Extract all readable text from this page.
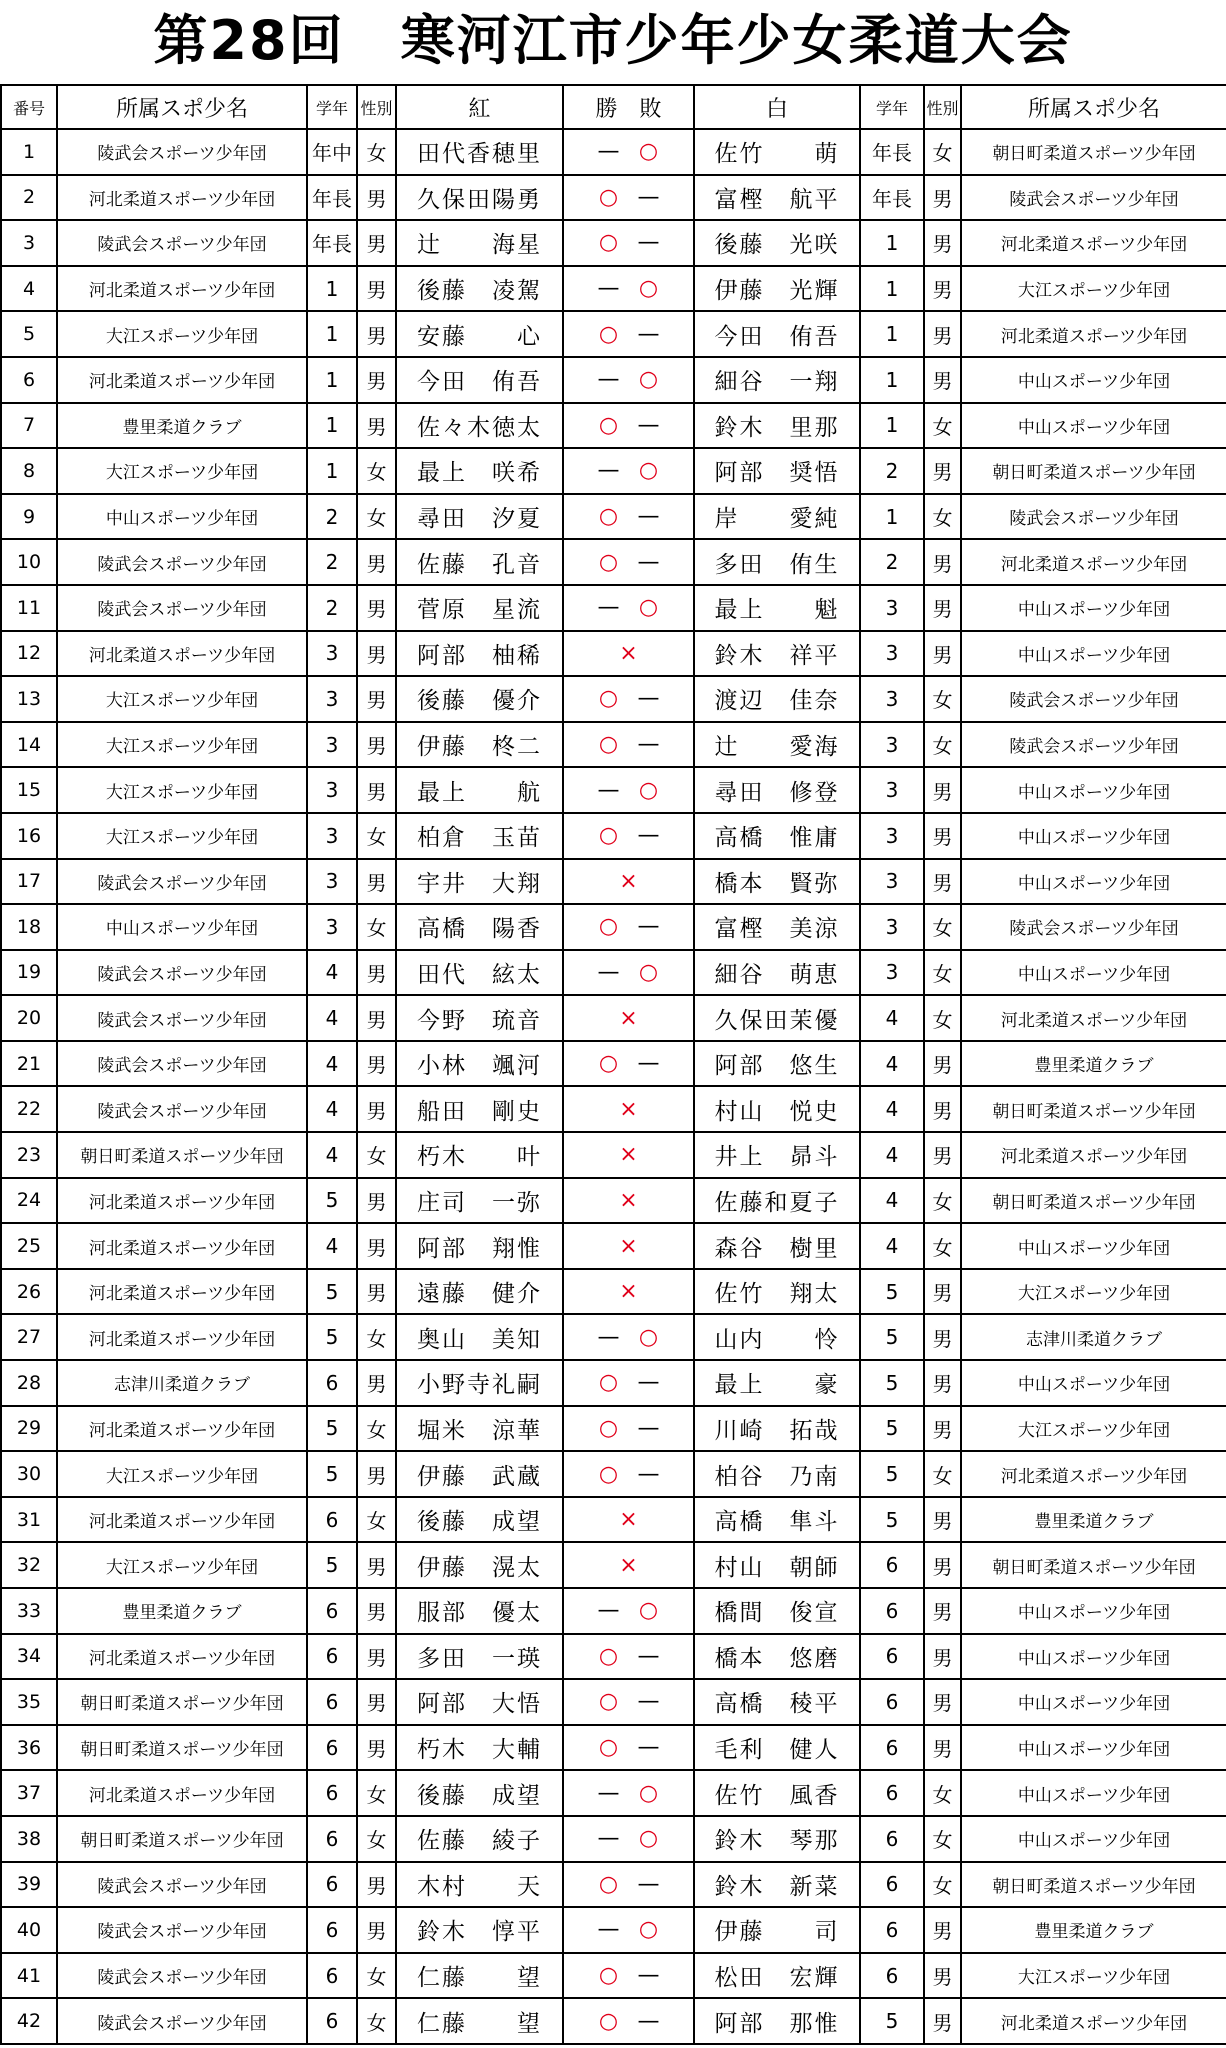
第28回　寒河江市少年少女柔道大会
番号	所属スポ少名	学年	性別	紅	勝　敗	白	学年	性別	所属スポ少名
1	陵武会スポーツ少年団	年中	女	田代香穂里	— ○	佐竹　　萌	年長	女	朝日町柔道スポーツ少年団
2	河北柔道スポーツ少年団	年長	男	久保田陽勇	○ —	富樫　航平	年長	男	陵武会スポーツ少年団
3	陵武会スポーツ少年団	年長	男	辻　　海星	○ —	後藤　光咲	1	男	河北柔道スポーツ少年団
4	河北柔道スポーツ少年団	1	男	後藤　凌駕	— ○	伊藤　光輝	1	男	大江スポーツ少年団
5	大江スポーツ少年団	1	男	安藤　　心	○ —	今田　侑吾	1	男	河北柔道スポーツ少年団
6	河北柔道スポーツ少年団	1	男	今田　侑吾	— ○	細谷　一翔	1	男	中山スポーツ少年団
7	豊里柔道クラブ	1	男	佐々木徳太	○ —	鈴木　里那	1	女	中山スポーツ少年団
8	大江スポーツ少年団	1	女	最上　咲希	— ○	阿部　奨悟	2	男	朝日町柔道スポーツ少年団
9	中山スポーツ少年団	2	女	尋田　汐夏	○ —	岸　　愛純	1	女	陵武会スポーツ少年団
10	陵武会スポーツ少年団	2	男	佐藤　孔音	○ —	多田　侑生	2	男	河北柔道スポーツ少年団
11	陵武会スポーツ少年団	2	男	菅原　星流	— ○	最上　　魁	3	男	中山スポーツ少年団
12	河北柔道スポーツ少年団	3	男	阿部　柚稀	×	鈴木　祥平	3	男	中山スポーツ少年団
13	大江スポーツ少年団	3	男	後藤　優介	○ —	渡辺　佳奈	3	女	陵武会スポーツ少年団
14	大江スポーツ少年団	3	男	伊藤　柊二	○ —	辻　　愛海	3	女	陵武会スポーツ少年団
15	大江スポーツ少年団	3	男	最上　　航	— ○	尋田　修登	3	男	中山スポーツ少年団
16	大江スポーツ少年団	3	女	柏倉　玉苗	○ —	高橋　惟庸	3	男	中山スポーツ少年団
17	陵武会スポーツ少年団	3	男	宇井　大翔	×	橋本　賢弥	3	男	中山スポーツ少年団
18	中山スポーツ少年団	3	女	高橋　陽香	○ —	富樫　美涼	3	女	陵武会スポーツ少年団
19	陵武会スポーツ少年団	4	男	田代　絃太	— ○	細谷　萌恵	3	女	中山スポーツ少年団
20	陵武会スポーツ少年団	4	男	今野　琉音	×	久保田茉優	4	女	河北柔道スポーツ少年団
21	陵武会スポーツ少年団	4	男	小林　颯河	○ —	阿部　悠生	4	男	豊里柔道クラブ
22	陵武会スポーツ少年団	4	男	船田　剛史	×	村山　悦史	4	男	朝日町柔道スポーツ少年団
23	朝日町柔道スポーツ少年団	4	女	朽木　　叶	×	井上　昴斗	4	男	河北柔道スポーツ少年団
24	河北柔道スポーツ少年団	5	男	庄司　一弥	×	佐藤和夏子	4	女	朝日町柔道スポーツ少年団
25	河北柔道スポーツ少年団	4	男	阿部　翔惟	×	森谷　樹里	4	女	中山スポーツ少年団
26	河北柔道スポーツ少年団	5	男	遠藤　健介	×	佐竹　翔太	5	男	大江スポーツ少年団
27	河北柔道スポーツ少年団	5	女	奥山　美知	— ○	山内　　怜	5	男	志津川柔道クラブ
28	志津川柔道クラブ	6	男	小野寺礼嗣	○ —	最上　　豪	5	男	中山スポーツ少年団
29	河北柔道スポーツ少年団	5	女	堀米　涼華	○ —	川崎　拓哉	5	男	大江スポーツ少年団
30	大江スポーツ少年団	5	男	伊藤　武蔵	○ —	柏谷　乃南	5	女	河北柔道スポーツ少年団
31	河北柔道スポーツ少年団	6	女	後藤　成望	×	高橋　隼斗	5	男	豊里柔道クラブ
32	大江スポーツ少年団	5	男	伊藤　滉太	×	村山　朝師	6	男	朝日町柔道スポーツ少年団
33	豊里柔道クラブ	6	男	服部　優太	— ○	橋間　俊宣	6	男	中山スポーツ少年団
34	河北柔道スポーツ少年団	6	男	多田　一瑛	○ —	橋本　悠磨	6	男	中山スポーツ少年団
35	朝日町柔道スポーツ少年団	6	男	阿部　大悟	○ —	高橋　稜平	6	男	中山スポーツ少年団
36	朝日町柔道スポーツ少年団	6	男	朽木　大輔	○ —	毛利　健人	6	男	中山スポーツ少年団
37	河北柔道スポーツ少年団	6	女	後藤　成望	— ○	佐竹　風香	6	女	中山スポーツ少年団
38	朝日町柔道スポーツ少年団	6	女	佐藤　綾子	— ○	鈴木　琴那	6	女	中山スポーツ少年団
39	陵武会スポーツ少年団	6	男	木村　　天	○ —	鈴木　新菜	6	女	朝日町柔道スポーツ少年団
40	陵武会スポーツ少年団	6	男	鈴木　惇平	— ○	伊藤　　司	6	男	豊里柔道クラブ
41	陵武会スポーツ少年団	6	女	仁藤　　望	○ —	松田　宏輝	6	男	大江スポーツ少年団
42	陵武会スポーツ少年団	6	女	仁藤　　望	○ —	阿部　那惟	5	男	河北柔道スポーツ少年団
